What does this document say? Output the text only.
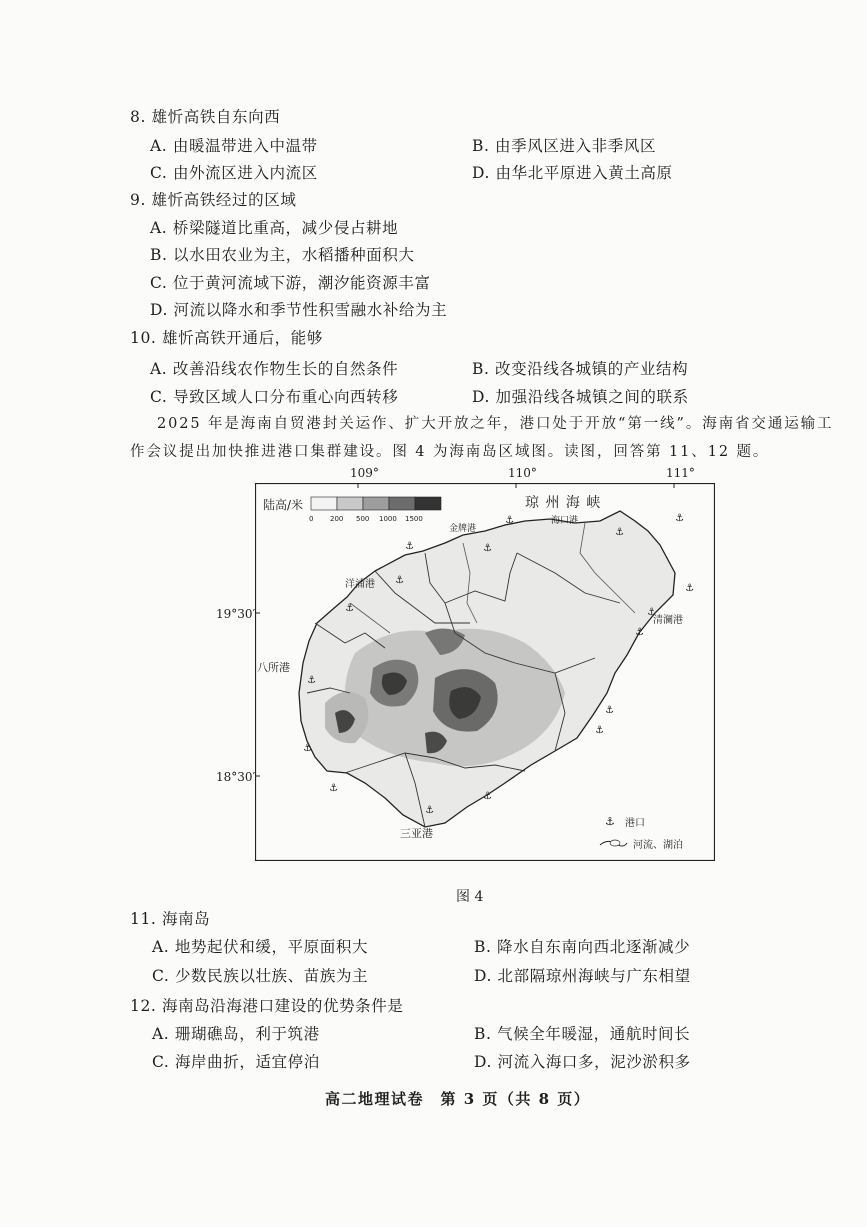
8. 雄忻高铁自东向西
A. 由暖温带进入中温带	B. 由季风区进入非季风区
C. 由外流区进入内流区	D. 由华北平原进入黄土高原
9. 雄忻高铁经过的区域
A. 桥梁隧道比重高，减少侵占耕地
B. 以水田农业为主，水稻播种面积大
C. 位于黄河流域下游，潮汐能资源丰富
D. 河流以降水和季节性积雪融水补给为主
10. 雄忻高铁开通后，能够
A. 改善沿线农作物生长的自然条件	B. 改变沿线各城镇的产业结构
C. 导致区域人口分布重心向西转移	D. 加强沿线各城镇之间的联系
2025 年是海南自贸港封关运作、扩大开放之年，港口处于开放“第一线”。海南省交通运输工
作会议提出加快推进港口集群建设。图 4 为海南岛区域图。读图，回答第 11、12 题。
109°	110°	111°
19°30′
18°30′
陆高/米
0 200 500 1000 1500
琼 州 海 峡
海口港
金牌港
洋浦港
清澜港
八所港
三亚港
⚓
⚓
⚓
⚓
⚓
⚓
⚓
⚓
⚓
⚓
⚓
⚓
⚓
⚓
⚓
⚓
⚓
⚓ 港口
河流、湖泊
图 4
11. 海南岛
A. 地势起伏和缓，平原面积大	B. 降水自东南向西北逐渐减少
C. 少数民族以壮族、苗族为主	D. 北部隔琼州海峡与广东相望
12. 海南岛沿海港口建设的优势条件是
A. 珊瑚礁岛，利于筑港	B. 气候全年暖湿，通航时间长
C. 海岸曲折，适宜停泊	D. 河流入海口多，泥沙淤积多
高二地理试卷　第 3 页（共 8 页）
